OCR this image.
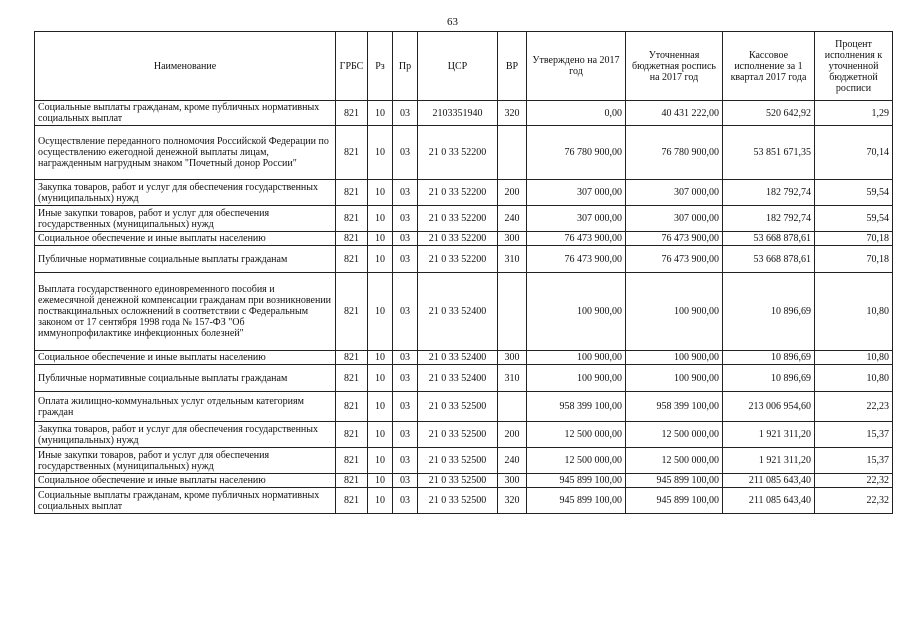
63
Наименование	ГРБС	Рз	Пр	ЦСР	ВР	Утверждено на 2017 год	Уточненная бюджетная роспись на 2017 год	Кассовое исполнение за 1 квартал 2017 года	Процент исполнения к уточненной бюджетной росписи
Социальные выплаты гражданам, кроме публичных нормативных социальных выплат	821	10	03	2103351940	320	0,00	40 431 222,00	520 642,92	1,29
Осуществление переданного полномочия Российской Федерации по осуществлению ежегодной денежной выплаты лицам, награжденным нагрудным знаком "Почетный донор России"	821	10	03	21 0 33 52200		76 780 900,00	76 780 900,00	53 851 671,35	70,14
Закупка товаров, работ и услуг для обеспечения государственных (муниципальных) нужд	821	10	03	21 0 33 52200	200	307 000,00	307 000,00	182 792,74	59,54
Иные закупки товаров, работ и услуг для обеспечения государственных (муниципальных) нужд	821	10	03	21 0 33 52200	240	307 000,00	307 000,00	182 792,74	59,54
Социальное обеспечение и иные выплаты населению	821	10	03	21 0 33 52200	300	76 473 900,00	76 473 900,00	53 668 878,61	70,18
Публичные нормативные социальные выплаты гражданам	821	10	03	21 0 33 52200	310	76 473 900,00	76 473 900,00	53 668 878,61	70,18
Выплата государственного единовременного пособия и ежемесячной денежной компенсации гражданам при возникновении поствакцинальных осложнений в соответствии с Федеральным законом от 17 сентября 1998 года № 157-ФЗ "Об иммунопрофилактике инфекционных болезней"	821	10	03	21 0 33 52400		100 900,00	100 900,00	10 896,69	10,80
Социальное обеспечение и иные выплаты населению	821	10	03	21 0 33 52400	300	100 900,00	100 900,00	10 896,69	10,80
Публичные нормативные социальные выплаты гражданам	821	10	03	21 0 33 52400	310	100 900,00	100 900,00	10 896,69	10,80
Оплата жилищно-коммунальных услуг отдельным категориям граждан	821	10	03	21 0 33 52500		958 399 100,00	958 399 100,00	213 006 954,60	22,23
Закупка товаров, работ и услуг для обеспечения государственных (муниципальных) нужд	821	10	03	21 0 33 52500	200	12 500 000,00	12 500 000,00	1 921 311,20	15,37
Иные закупки товаров, работ и услуг для обеспечения государственных (муниципальных) нужд	821	10	03	21 0 33 52500	240	12 500 000,00	12 500 000,00	1 921 311,20	15,37
Социальное обеспечение и иные выплаты населению	821	10	03	21 0 33 52500	300	945 899 100,00	945 899 100,00	211 085 643,40	22,32
Социальные выплаты гражданам, кроме публичных нормативных социальных выплат	821	10	03	21 0 33 52500	320	945 899 100,00	945 899 100,00	211 085 643,40	22,32
